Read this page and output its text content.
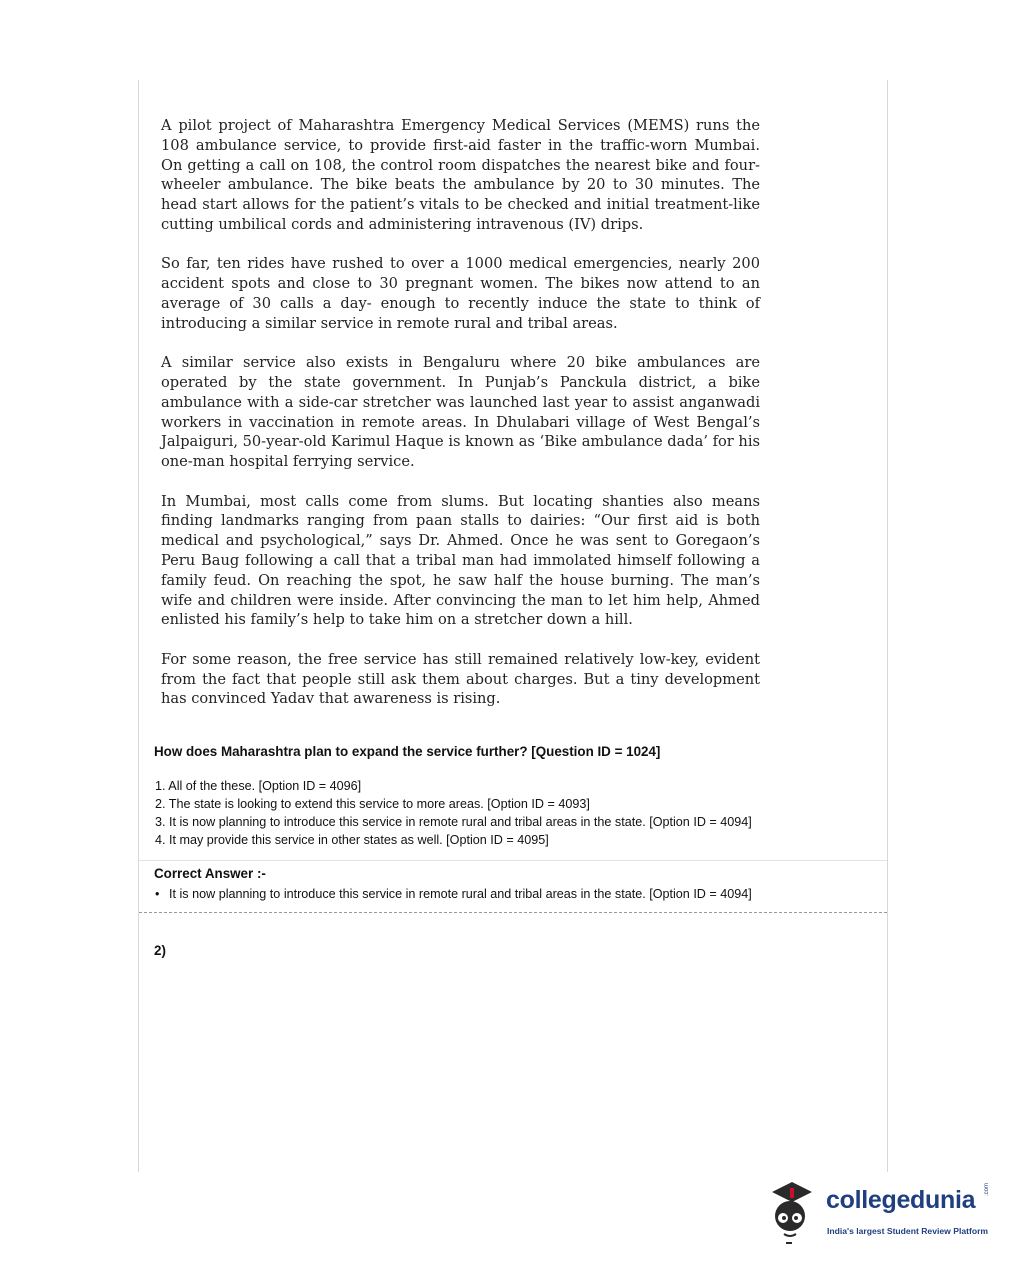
A pilot project of Maharashtra Emergency Medical Services (MEMS) runs the 108 ambulance service, to provide first-aid faster in the traffic-worn Mumbai. On getting a call on 108, the control room dispatches the nearest bike and four-wheeler ambulance. The bike beats the ambulance by 20 to 30 minutes. The head start allows for the patient’s vitals to be checked and initial treatment-like cutting umbilical cords and administering intravenous (IV) drips.

So far, ten rides have rushed to over a 1000 medical emergencies, nearly 200 accident spots and close to 30 pregnant women. The bikes now attend to an average of 30 calls a day- enough to recently induce the state to think of introducing a similar service in remote rural and tribal areas.

A similar service also exists in Bengaluru where 20 bike ambulances are operated by the state government. In Punjab’s Panckula district, a bike ambulance with a side-car stretcher was launched last year to assist anganwadi workers in vaccination in remote areas. In Dhulabari village of West Bengal’s Jalpaiguri, 50-year-old Karimul Haque is known as ‘Bike ambulance dada’ for his one-man hospital ferrying service.

In Mumbai, most calls come from slums. But locating shanties also means finding landmarks ranging from paan stalls to dairies: “Our first aid is both medical and psychological,” says Dr. Ahmed. Once he was sent to Goregaon’s Peru Baug following a call that a tribal man had immolated himself following a family feud. On reaching the spot, he saw half the house burning. The man’s wife and children were inside. After convincing the man to let him help, Ahmed enlisted his family’s help to take him on a stretcher down a hill.

For some reason, the free service has still remained relatively low-key, evident from the fact that people still ask them about charges. But a tiny development has convinced Yadav that awareness is rising.

How does Maharashtra plan to expand the service further? [Question ID = 1024]
1. All of the these. [Option ID = 4096]
2. The state is looking to extend this service to more areas. [Option ID = 4093]
3. It is now planning to introduce this service in remote rural and tribal areas in the state. [Option ID = 4094]
4. It may provide this service in other states as well. [Option ID = 4095]
Correct Answer :-
• It is now planning to introduce this service in remote rural and tribal areas in the state. [Option ID = 4094]
2)
collegedunia .com
India's largest Student Review Platform
